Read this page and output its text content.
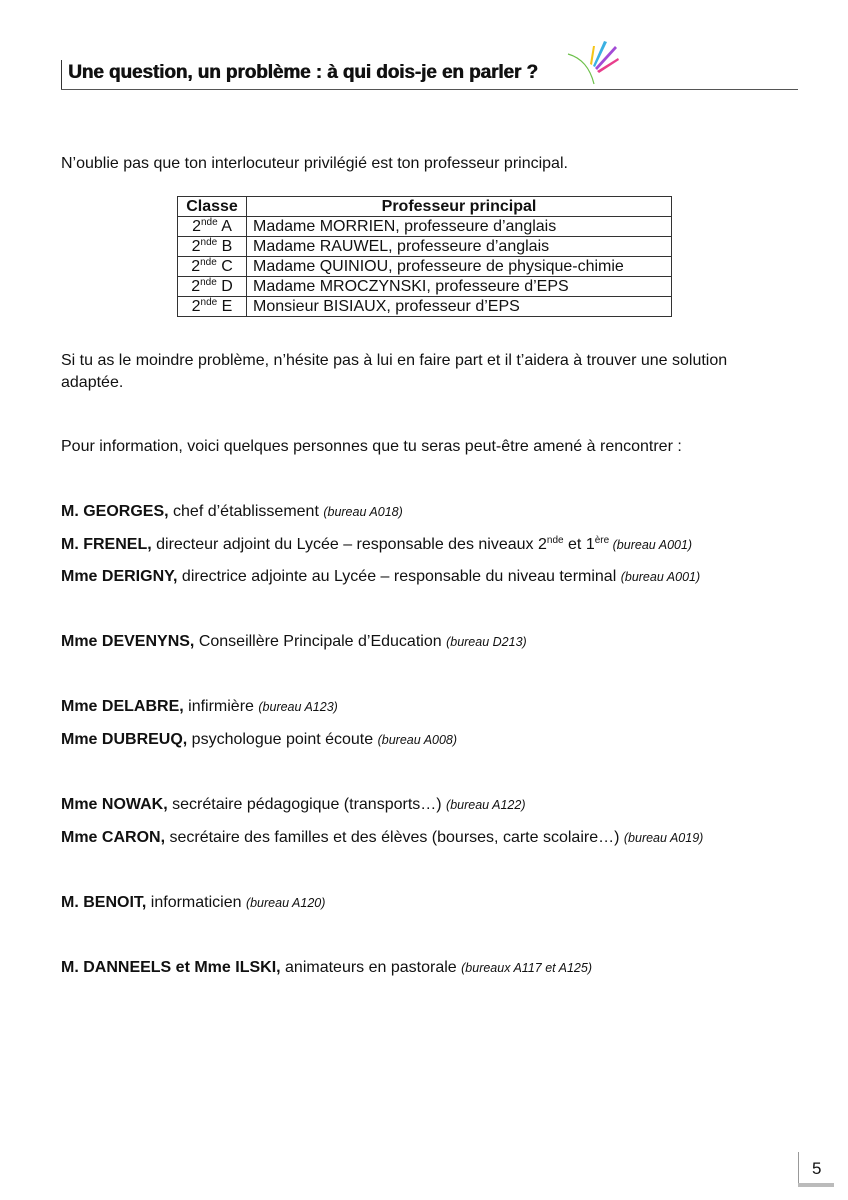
Une question, un problème : à qui dois-je en parler ?
N’oublie pas que ton interlocuteur privilégié est ton professeur principal.
Classe	Professeur principal
2nde A	Madame MORRIEN, professeure d’anglais
2nde B	Madame RAUWEL, professeure d’anglais
2nde C	Madame QUINIOU, professeure de physique-chimie
2nde D	Madame MROCZYNSKI, professeure d’EPS
2nde E	Monsieur BISIAUX, professeur d’EPS
Si tu as le moindre problème, n’hésite pas à lui en faire part et il t’aidera à trouver une solution adaptée.
Pour information, voici quelques personnes que tu seras peut-être amené à rencontrer :
M. GEORGES, chef d’établissement (bureau A018)
M. FRENEL, directeur adjoint du Lycée – responsable des niveaux 2nde et 1ère (bureau A001)
Mme DERIGNY, directrice adjointe au Lycée – responsable du niveau terminal (bureau A001)
Mme DEVENYNS, Conseillère Principale d’Education (bureau D213)
Mme DELABRE, infirmière (bureau A123)
Mme DUBREUQ, psychologue point écoute (bureau A008)
Mme NOWAK, secrétaire pédagogique (transports…) (bureau A122)
Mme CARON, secrétaire des familles et des élèves (bourses, carte scolaire…) (bureau A019)
M. BENOIT, informaticien (bureau A120)
M. DANNEELS et Mme ILSKI, animateurs en pastorale (bureaux A117 et A125)
5
